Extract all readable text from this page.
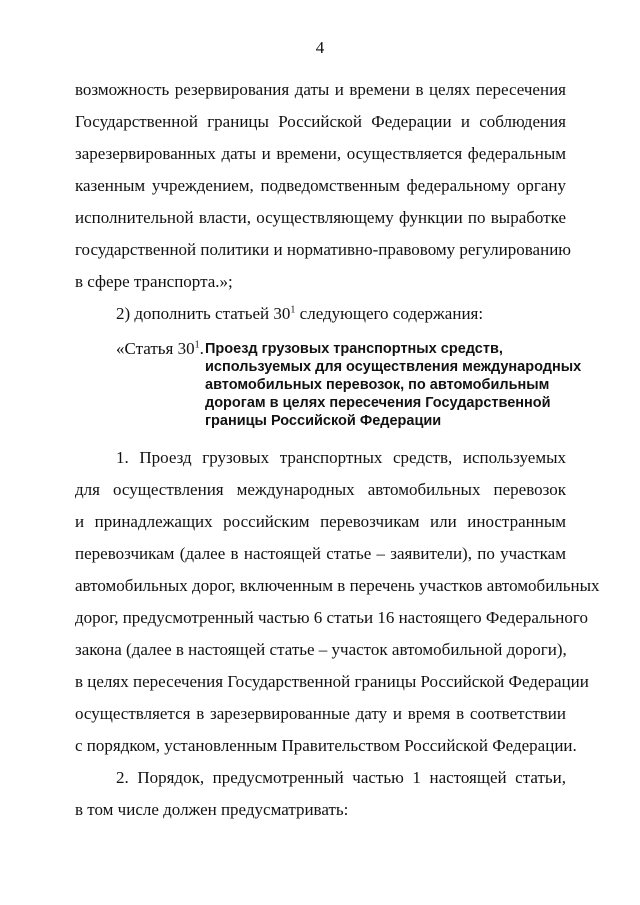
4
возможность резервирования даты и времени в целях пересечения
Государственной границы Российской Федерации и соблюдения
зарезервированных даты и времени, осуществляется федеральным
казенным учреждением, подведомственным федеральному органу
исполнительной власти, осуществляющему функции по выработке
государственной политики и нормативно-правовому регулированию
в сфере транспорта.»;
2) дополнить статьей $30^1$ следующего содержания:
«Статья $30^1$. Проезд грузовых транспортных средств,
используемых для осуществления международных
автомобильных перевозок, по автомобильным
дорогам в целях пересечения Государственной
границы Российской Федерации
1. Проезд грузовых транспортных средств, используемых
для осуществления международных автомобильных перевозок
и принадлежащих российским перевозчикам или иностранным
перевозчикам (далее в настоящей статье – заявители), по участкам
автомобильных дорог, включенным в перечень участков автомобильных
дорог, предусмотренный частью 6 статьи 16 настоящего Федерального
закона (далее в настоящей статье – участок автомобильной дороги),
в целях пересечения Государственной границы Российской Федерации
осуществляется в зарезервированные дату и время в соответствии
с порядком, установленным Правительством Российской Федерации.
2. Порядок, предусмотренный частью 1 настоящей статьи,
в том числе должен предусматривать:
